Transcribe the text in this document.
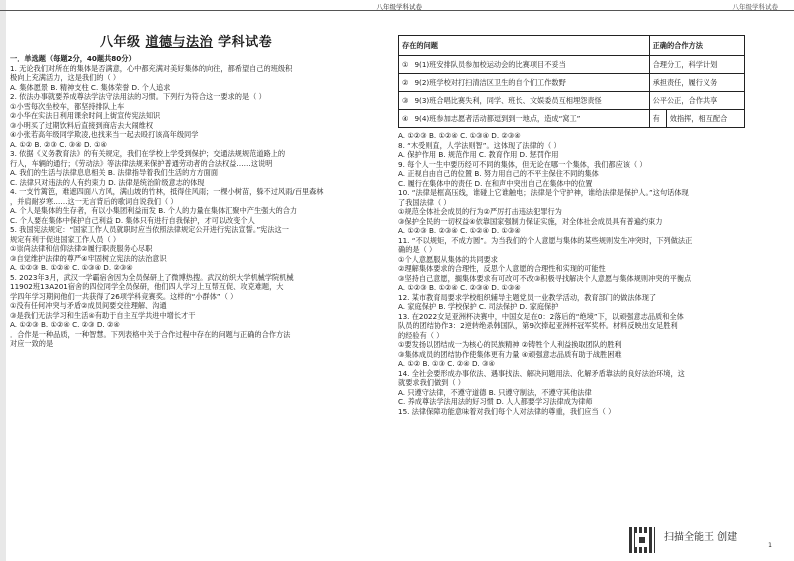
八年级学科试卷	八年级学科试卷
八年级 道德与法治 学科试卷

一．单选题（每题2分，40题共80分）

1. 无论我们对所在的集体是否满意，心中都充满对美好集体的向往，都希望自己的班级积

极向上充满活力，这是我们的（ ）

A. 集体愿景 B. 精神支柱 C. 集体荣誉 D. 个人追求

2. 依法办事就要养成尊法学法守法用法的习惯。下列行为符合这一要求的是（ ）

①小雪每次坐校车，都坚持排队上车

②小华在实法日利用课余时间上街宣传宪法知识

③小明买了过期饮料后直接到商店去大闹维权

④小张若高年级同学欺凌,也找来当一起去殴打该高年级同学

A. ①② B. ②③ C. ③④ D. ①④

3. 依据《义务教育法》的有关规定，我们在学校上学受到保护；交通法规规范道路上的

行人，车辆的通行；《劳动法》等法律法规来保护普通劳动者的合法权益……这说明

A. 我们的生活与法律息息相关 B. 法律指导着我们生活的方方面面

C. 法律只对违法的人有约束力 D. 法律是统治阶级意志的体现

4. 一支竹篱笆，难遮四面八方风，满山坡的竹林，抵得住风雨；一棵小树苗，躲不过风雨/百里森林

，并肩耐岁寒……这一无言背后的歌词自说我们（ ）

A. 个人是集体的生存者，有以小集团利益而发 B. 个人的力量在集体汇聚中产生强大的合力

C. 个人要在集体中保护自己利益 D. 集体只有进行自我保护，才可以改变个人

5. 我国宪法规定：“国家工作人员就职时应当依照法律规定公开进行宪法宣誓。”宪法这一

规定有利于促进国家工作人员（ ）

①崇尚法律和信仰法律②履行职责服务心尽职

③自觉维护法律的尊严④牢固树立宪法的法治意识

A. ①②③ B. ①②④ C. ①③④ D. ②③④

5. 2023年3月，武汉一学霸宿舍因为全员保研上了微博热搜。武汉纺织大学机械学院机械

11902班13A201宿舍的四位同学全员保研，他们四人学习上互帮互促、攻克难题，大

学四年学习期间他们一共获得了26项学科竞赛奖。这样的“小群体”（ ）

①没有任何冲突与矛盾②成员间要交往理解、沟通

③是我们无法学习和生活④有助于自主互学共进中增长才干

A. ①②③ B. ①②④ C. ②③ D. ②④

．合作是一种品质，一种智慧。下列表格中关于合作过程中存在的问题与正确的合作方法

对应一致的是

存在的问题	正确的合作方法	
① 9(1)班安排队员参加校运动会的比赛项目不妥当	合理分工，科学计划	
② 9(2)班学校对打扫清洁区卫生的自个们工作数野	承担责任，履行义务	
③ 9(3)班合唱比赛失利，同学、班长、文娱委员互相埋怨责怪	公平公正，合作共享	
④ 9(4)班参加志愿者活动都逗到到一地点，造成“窝工”	有	效指挥，相互配合

A. ①②③ B. ①②④ C. ①③④ D. ②③④

8. “木受则直，人学法则智”。这体现了法律的（ ）

A. 保护作用 B. 规范作用 C. 教育作用 D. 惩罚作用

9. 每个人一生中要历经可不同的集体，但无论在哪一个集体，我们都应该（ ）

A. 正视自由自己的位置 B. 努力用自己的不平主保住不同的集体

C. 履行在集体中的责任 D. 在和声中突出自己在集体中的位置

10. “法律是框高压线，谁碰上它谁触电；法律是个守护神，谁给法律是保护人。”这句话体现

了我国法律（ ）

①规范全体社会成员的行为②严厉打击违法犯罪行为

③保护全民的一切权益④依靠国家强制力保证实施，对全体社会成员具有普遍约束力

A. ①②③ B. ②③④ C. ①②④ D. ①③④

11. “不以规矩，不成方圆”。为当我们的个人意愿与集体的某些规则发生冲突时，下列做法正

确的是（ ）

①个人意愿服从集体的共同要求

②理解集体要求的合理性，反思个人意愿的合理性和实现的可能性

③坚持自己意愿，搁集体要求有可改可不改③积极寻找解决个人意愿与集体规则冲突的平衡点

A. ①②③ B. ①②④ C. ②③④ D. ①③④

12. 某市教育局要求学校组织辅导主题党员一业教学活动，教育部门的做法体现了

A. 家庭保护 B. 学校保护 C. 司法保护 D. 家庭保护

13. 在2022女足亚洲杯决赛中，中国女足在0：2落后的“绝境”下，以顽强意志品质和全体

队员的团结协作3：2逆转绝杀韩国队，第9次捧起亚洲杯冠军奖杯。材料反映出女足胜利

的经验有（ ）

①要发扬以团结成一为核心的民族精神 ②铸牲个人利益换取团队的胜利

③集体成员的团结协作使集体更有力量 ④顽强意志品质有助于战胜困难

A. ①② B. ①③ C. ②④ D. ③④

14. 全社会要形成办事依法、遇事找法、解决问题用法、化解矛盾靠法的良好法治环境，这

就要求我们做到（ ）

A. 只遵守法律，不遵守道德 B. 只遵守制法，不遵守其他法律

C. 养成尊法学法用法的好习惯 D. 人人都要学习法律成为律师

15. 法律保障功能意味着对我们每个人对法律的尊重，我们应当（ ）

扫描全能王 创建
1
